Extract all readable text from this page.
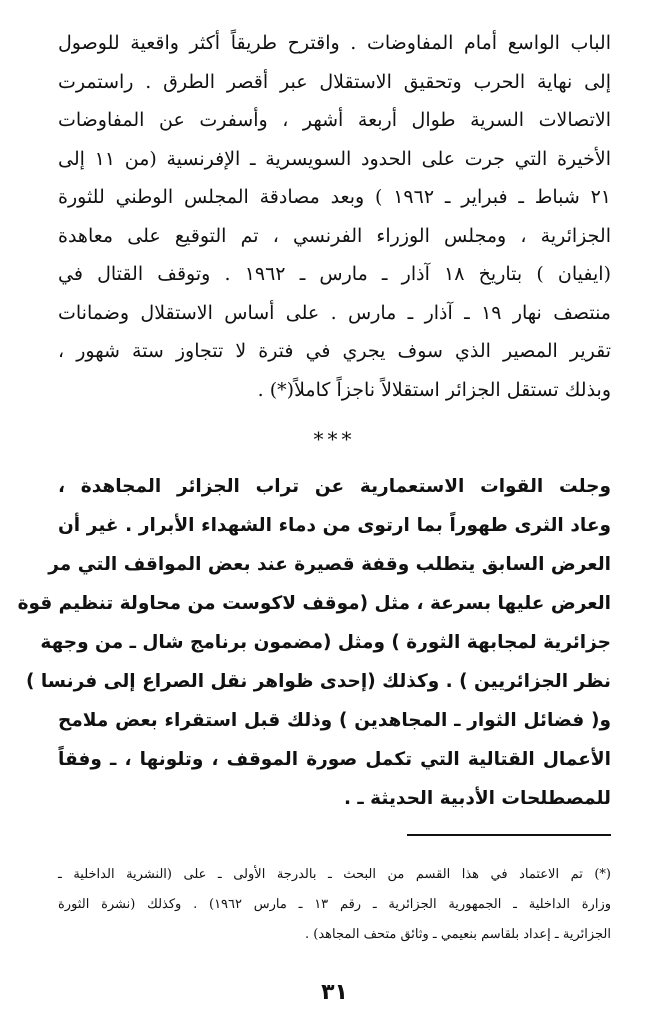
الباب الواسع أمام المفاوضات . واقترح طريقاً أكثر واقعية للوصول
إلى نهاية الحرب وتحقيق الاستقلال عبر أقصر الطرق . راستمرت
الاتصالات السرية طوال أربعة أشهر ، وأسفرت عن المفاوضات
الأخيرة التي جرت على الحدود السويسرية ـ الإفرنسية (من ١١ إلى
٢١ شباط ـ فبراير ـ ١٩٦٢ ) وبعد مصادقة المجلس الوطني للثورة
الجزائرية ، ومجلس الوزراء الفرنسي ، تم التوقيع على معاهدة
(ايفيان ) بتاريخ ١٨ آذار ـ مارس ـ ١٩٦٢ . وتوقف القتال في
منتصف نهار ١٩ ـ آذار ـ مارس . على أساس الاستقلال وضمانات
تقرير المصير الذي سوف يجري في فترة لا تتجاوز ستة شهور ،
وبذلك تستقل الجزائر استقلالاً ناجزاً كاملاً(*) .
***
وجلت القوات الاستعمارية عن تراب الجزائر المجاهدة ،
وعاد الثرى طهوراً بما ارتوى من دماء الشهداء الأبرار . غير أن
العرض السابق يتطلب وقفة قصيرة عند بعض المواقف التي مر
العرض عليها بسرعة ، مثل (موقف لاكوست من محاولة تنظيم قوة
جزائرية لمجابهة الثورة ) ومثل (مضمون برنامج شال ـ من وجهة
نظر الجزائريين ) . وكذلك (إحدى ظواهر نقل الصراع إلى فرنسا )
و( فضائل الثوار ـ المجاهدين ) وذلك قبل استقراء بعض ملامح
الأعمال القتالية التي تكمل صورة الموقف ، وتلونها ، ـ وفقاً
للمصطلحات الأدبية الحديثة ـ .
(*) تم الاعتماد في هذا القسم من البحث ـ بالدرجة الأولى ـ على (النشرية الداخلية ـ
وزارة الداخلية ـ الجمهورية الجزائرية ـ رقم ١٣ ـ مارس ١٩٦٢) . وكذلك (نشرة الثورة
الجزائرية ـ إعداد بلقاسم بنعيمي ـ وثائق متحف المجاهد) .
٣١
